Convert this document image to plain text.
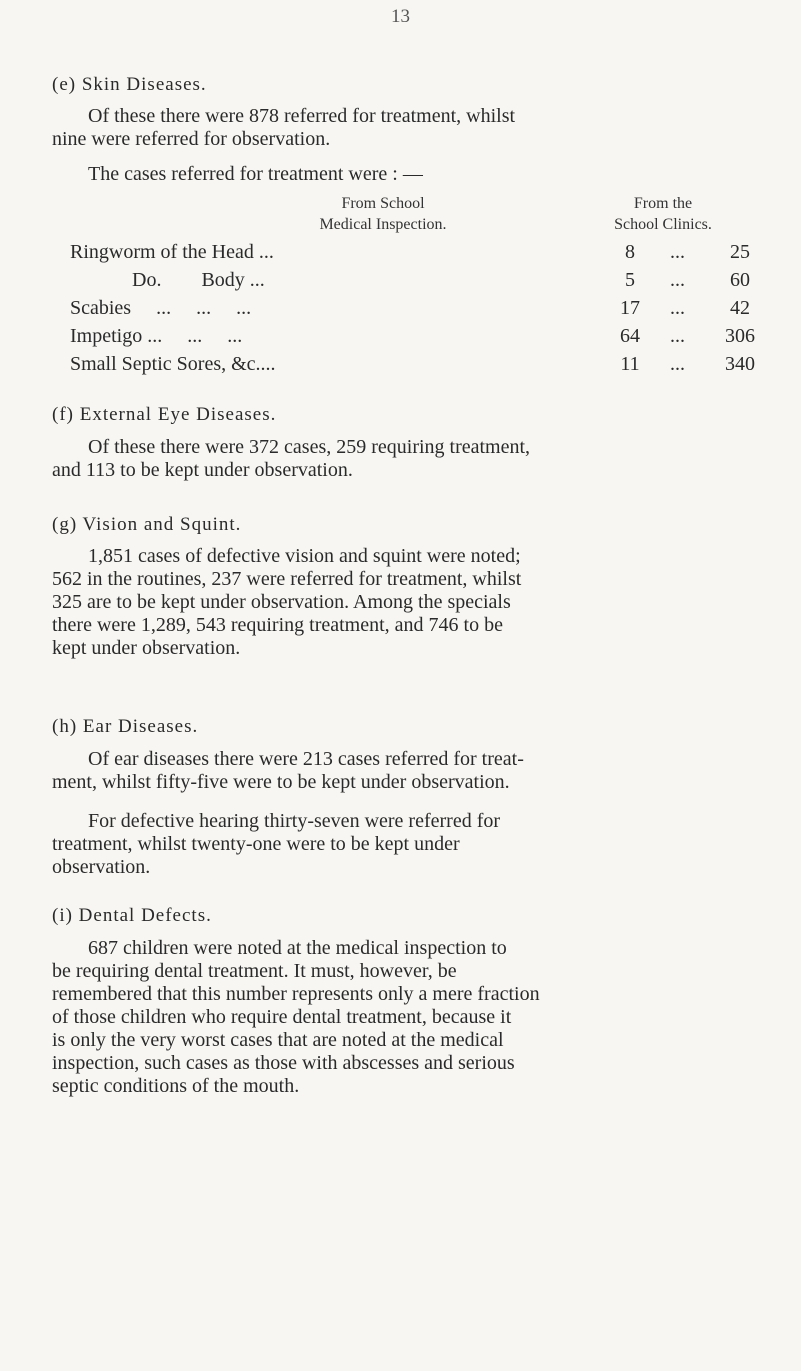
13
(e) Skin Diseases.
Of these there were 878 referred for treatment, whilst
nine were referred for observation.
The cases referred for treatment were : —
From School
Medical Inspection.
From the
School Clinics.
Ringworm of the Head ...	8	...	25
Do.        Body ...	5	...	60
Scabies     ...     ...     ...	17	...	42
Impetigo ...     ...     ...	64	...	306
Small Septic Sores, &c....	11	...	340
(f) External Eye Diseases.
Of these there were 372 cases, 259 requiring treatment,
and 113 to be kept under observation.
(g) Vision and Squint.
1,851 cases of defective vision and squint were noted;
562 in the routines, 237 were referred for treatment, whilst
325 are to be kept under observation. Among the specials
there were 1,289, 543 requiring treatment, and 746 to be
kept under observation.
(h) Ear Diseases.
Of ear diseases there were 213 cases referred for treat-
ment, whilst fifty-five were to be kept under observation.
For defective hearing thirty-seven were referred for
treatment, whilst twenty-one were to be kept under
observation.
(i) Dental Defects.
687 children were noted at the medical inspection to
be requiring dental treatment. It must, however, be
remembered that this number represents only a mere fraction
of those children who require dental treatment, because it
is only the very worst cases that are noted at the medical
inspection, such cases as those with abscesses and serious
septic conditions of the mouth.
